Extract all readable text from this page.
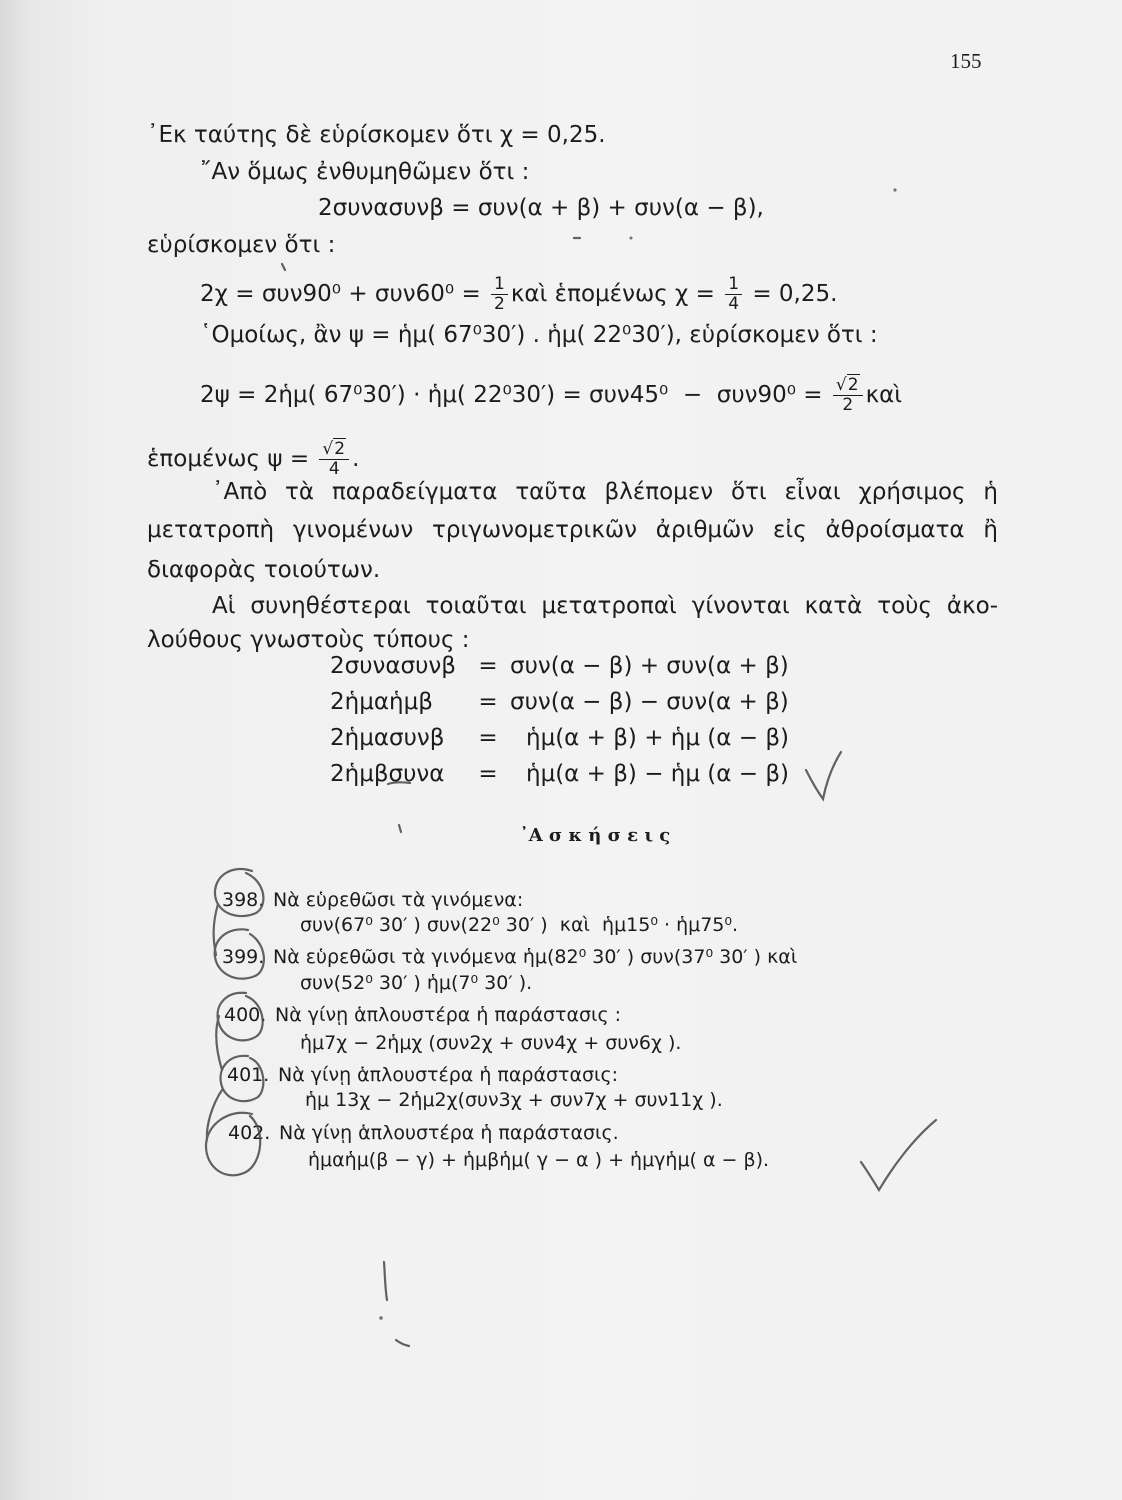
155
᾿Εκ ταύτης δὲ εὑρίσκομεν ὅτι χ = 0,25.
῎Αν ὅμως ἐνθυμηθῶμεν ὅτι :
2συνασυνβ = συν(α + β) + συν(α − β),
εὑρίσκομεν ὅτι :
$2\chi = \sigma\upsilon\nu 90^0 + \sigma\upsilon\nu 60^0 = \frac{1}{2}$ καὶ ἑπομένως $\chi = \frac{1}{4} = 0,25$.
῾Ομοίως, ἂν ψ = ἡμ( 67⁰30′) . ἡμ( 22⁰30′), εὑρίσκομεν ὅτι :
2ψ = 2ἡμ( 67⁰30′) · ἡμ( $22^030') = \sigma\upsilon\nu 45^0 - \sigma\upsilon\nu 90^0 = \frac{√2}{2}$ καὶ
ἑπομένως $\psi = \frac{√2}{4}$ .
᾿Απὸ τὰ παραδείγματα ταῦτα βλέπομεν ὅτι εἶναι χρήσιμος ἡ
μετατροπὴ γινομένων τριγωνομετρικῶν ἀριθμῶν εἰς ἀθροίσματα ἢ
διαφορὰς τοιούτων.
Αἱ συνηθέστεραι τοιαῦται μετατροπαὶ γίνονται κατὰ τοὺς ἀκο-
λούθους γνωστοὺς τύπους :
2συνασυνβ = συν(α − β) + συν(α + β)
2ἡμαἡμβ = συν(α − β) − συν(α + β)
2ἡμασυνβ = ἡμ(α + β) + ἡμ (α − β)
2ἡμβσυνα = ἡμ(α + β) − ἡμ (α − β)
᾿Α σ κ ή σ ε ι ς
398. Νὰ εὑρεθῶσι τὰ γινόμενα:
συν(67⁰ 30′ ) συν(22⁰ 30′ )  καὶ  ἡμ15⁰ · ἡμ75⁰.
399. Νὰ εὑρεθῶσι τὰ γινόμενα ἡμ(82⁰ 30′ ) συν(37⁰ 30′ ) καὶ
συν(52⁰ 30′ ) ἡμ(7⁰ 30′ ).
400. Νὰ γίνῃ ἁπλουστέρα ἡ παράστασις :
ἡμ7χ − 2ἡμχ (συν2χ + συν4χ + συν6χ ).
401. Νὰ γίνῃ ἁπλουστέρα ἡ παράστασις:
ἡμ 13χ − 2ἡμ2χ(συν3χ + συν7χ + συν11χ ).
402. Νὰ γίνῃ ἁπλουστέρα ἡ παράστασις.
ἡμαἡμ(β − γ) + ἡμβἡμ( γ − α ) + ἡμγἡμ( α − β).
